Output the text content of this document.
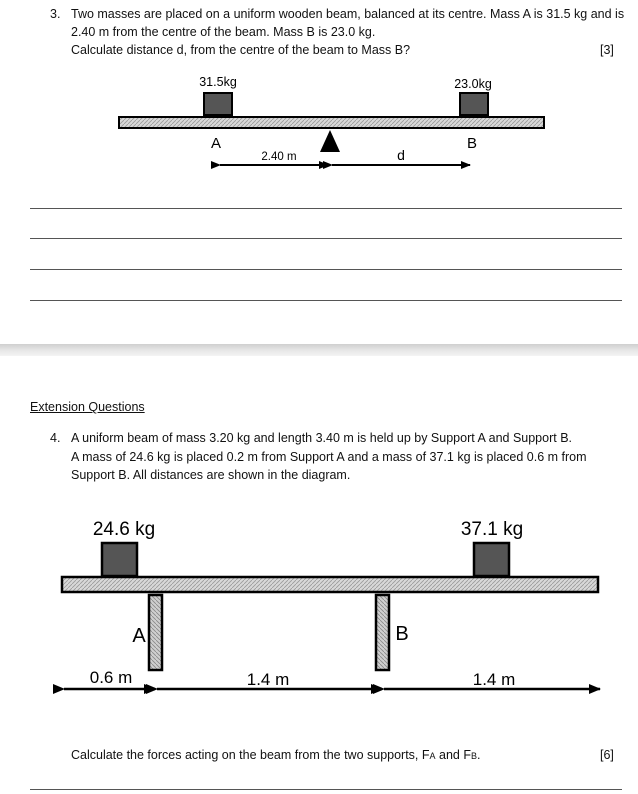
3. Two masses are placed on a uniform wooden beam, balanced at its centre. Mass A is 31.5 kg and is
2.40 m from the centre of the beam. Mass B is 23.0 kg.
Calculate distance d, from the centre of the beam to Mass B?	[3]
31.5kg	23.0kg
A	B
2.40 m	d
Extension Questions
4. A uniform beam of mass 3.20 kg and length 3.40 m is held up by Support A and Support B.
A mass of 24.6 kg is placed 0.2 m from Support A and a mass of 37.1 kg is placed 0.6 m from
Support B. All distances are shown in the diagram.
24.6 kg	37.1 kg
A	B
0.6 m	1.4 m	1.4 m
Calculate the forces acting on the beam from the two supports, FA and FB.	[6]
